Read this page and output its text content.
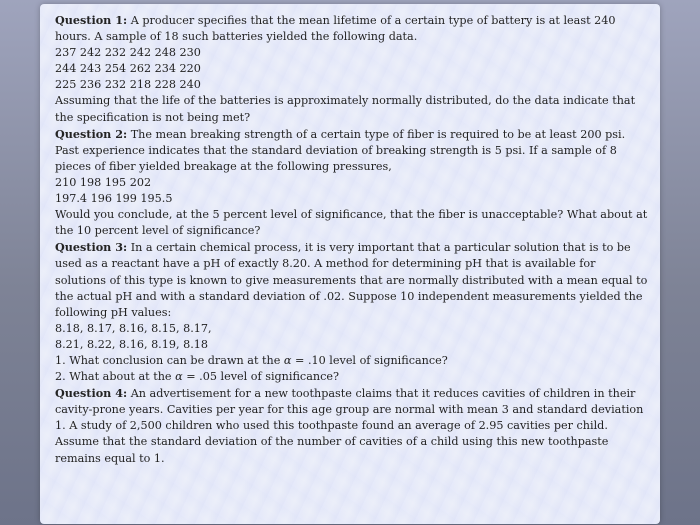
Question 1: A producer specifies that the mean lifetime of a certain type of battery is at least 240 hours. A sample of 18 such batteries yielded the following data.

237 242 232 242 248 230

244 243 254 262 234 220

225 236 232 218 228 240

Assuming that the life of the batteries is approximately normally distributed, do the data indicate that the specification is not being met?

Question 2: The mean breaking strength of a certain type of fiber is required to be at least 200 psi. Past experience indicates that the standard deviation of breaking strength is 5 psi. If a sample of 8 pieces of fiber yielded breakage at the following pressures,

210 198 195 202

197.4 196 199 195.5

Would you conclude, at the 5 percent level of significance, that the fiber is unacceptable? What about at the 10 percent level of significance?

Question 3: In a certain chemical process, it is very important that a particular solution that is to be used as a reactant have a pH of exactly 8.20. A method for determining pH that is available for solutions of this type is known to give measurements that are normally distributed with a mean equal to the actual pH and with a standard deviation of .02. Suppose 10 independent measurements yielded the following pH values:

8.18, 8.17, 8.16, 8.15, 8.17,

8.21, 8.22, 8.16, 8.19, 8.18

1. What conclusion can be drawn at the α = .10 level of significance?

2. What about at the α = .05 level of significance?

Question 4: An advertisement for a new toothpaste claims that it reduces cavities of children in their cavity-prone years. Cavities per year for this age group are normal with mean 3 and standard deviation 1. A study of 2,500 children who used this toothpaste found an average of 2.95 cavities per child. Assume that the standard deviation of the number of cavities of a child using this new toothpaste remains equal to 1.
